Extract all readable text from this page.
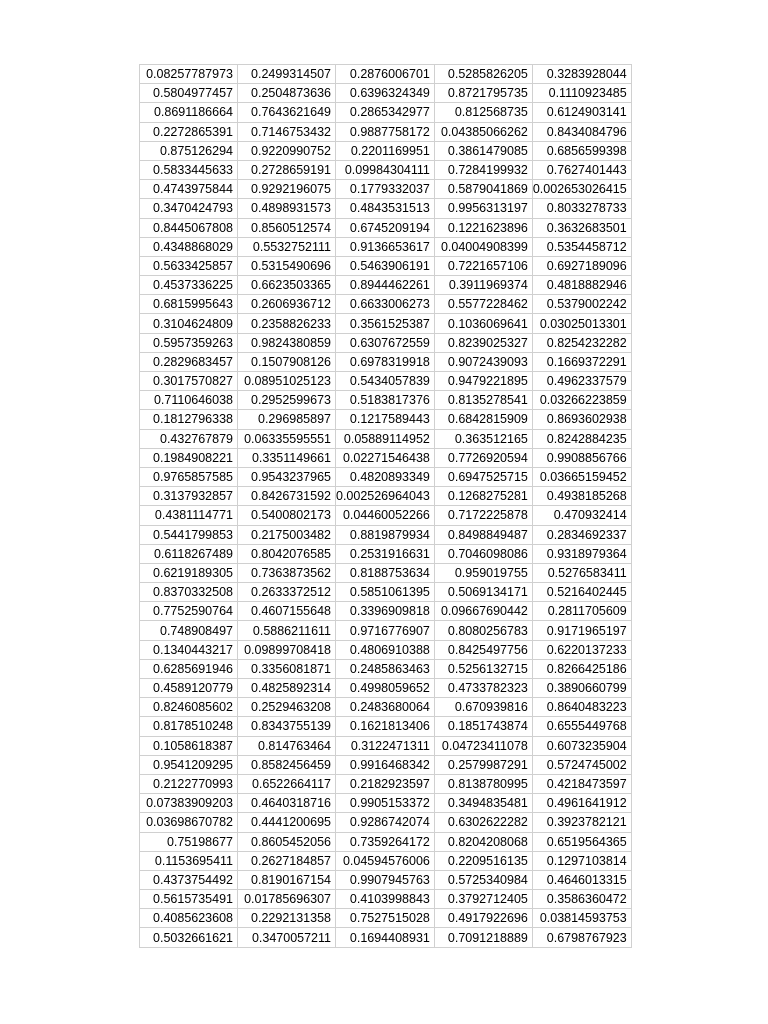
0.08257787973	0.2499314507	0.2876006701	0.5285826205	0.3283928044
0.5804977457	0.2504873636	0.6396324349	0.8721795735	0.1110923485
0.8691186664	0.7643621649	0.2865342977	0.812568735	0.6124903141
0.2272865391	0.7146753432	0.9887758172	0.04385066262	0.8434084796
0.875126294	0.9220990752	0.2201169951	0.3861479085	0.6856599398
0.5833445633	0.2728659191	0.09984304111	0.7284199932	0.7627401443
0.4743975844	0.9292196075	0.1779332037	0.5879041869	0.002653026415
0.3470424793	0.4898931573	0.4843531513	0.9956313197	0.8033278733
0.8445067808	0.8560512574	0.6745209194	0.1221623896	0.3632683501
0.4348868029	0.5532752111	0.9136653617	0.04004908399	0.5354458712
0.5633425857	0.5315490696	0.5463906191	0.7221657106	0.6927189096
0.4537336225	0.6623503365	0.8944462261	0.3911969374	0.4818882946
0.6815995643	0.2606936712	0.6633006273	0.5577228462	0.5379002242
0.3104624809	0.2358826233	0.3561525387	0.1036069641	0.03025013301
0.5957359263	0.9824380859	0.6307672559	0.8239025327	0.8254232282
0.2829683457	0.1507908126	0.6978319918	0.9072439093	0.1669372291
0.3017570827	0.08951025123	0.5434057839	0.9479221895	0.4962337579
0.7110646038	0.2952599673	0.5183817376	0.8135278541	0.03266223859
0.1812796338	0.296985897	0.1217589443	0.6842815909	0.8693602938
0.432767879	0.06335595551	0.05889114952	0.363512165	0.8242884235
0.1984908221	0.3351149661	0.02271546438	0.7726920594	0.9908856766
0.9765857585	0.9543237965	0.4820893349	0.6947525715	0.03665159452
0.3137932857	0.8426731592	0.002526964043	0.1268275281	0.4938185268
0.4381114771	0.5400802173	0.04460052266	0.7172225878	0.470932414
0.5441799853	0.2175003482	0.8819879934	0.8498849487	0.2834692337
0.6118267489	0.8042076585	0.2531916631	0.7046098086	0.9318979364
0.6219189305	0.7363873562	0.8188753634	0.959019755	0.5276583411
0.8370332508	0.2633372512	0.5851061395	0.5069134171	0.5216402445
0.7752590764	0.4607155648	0.3396909818	0.09667690442	0.2811705609
0.748908497	0.5886211611	0.9716776907	0.8080256783	0.9171965197
0.1340443217	0.09899708418	0.4806910388	0.8425497756	0.6220137233
0.6285691946	0.3356081871	0.2485863463	0.5256132715	0.8266425186
0.4589120779	0.4825892314	0.4998059652	0.4733782323	0.3890660799
0.8246085602	0.2529463208	0.2483680064	0.670939816	0.8640483223
0.8178510248	0.8343755139	0.1621813406	0.1851743874	0.6555449768
0.1058618387	0.814763464	0.3122471311	0.04723411078	0.6073235904
0.9541209295	0.8582456459	0.9916468342	0.2579987291	0.5724745002
0.2122770993	0.6522664117	0.2182923597	0.8138780995	0.4218473597
0.07383909203	0.4640318716	0.9905153372	0.3494835481	0.4961641912
0.03698670782	0.4441200695	0.9286742074	0.6302622282	0.3923782121
0.75198677	0.8605452056	0.7359264172	0.8204208068	0.6519564365
0.1153695411	0.2627184857	0.04594576006	0.2209516135	0.1297103814
0.4373754492	0.8190167154	0.9907945763	0.5725340984	0.4646013315
0.5615735491	0.01785696307	0.4103998843	0.3792712405	0.3586360472
0.4085623608	0.2292131358	0.7527515028	0.4917922696	0.03814593753
0.5032661621	0.3470057211	0.1694408931	0.7091218889	0.6798767923
